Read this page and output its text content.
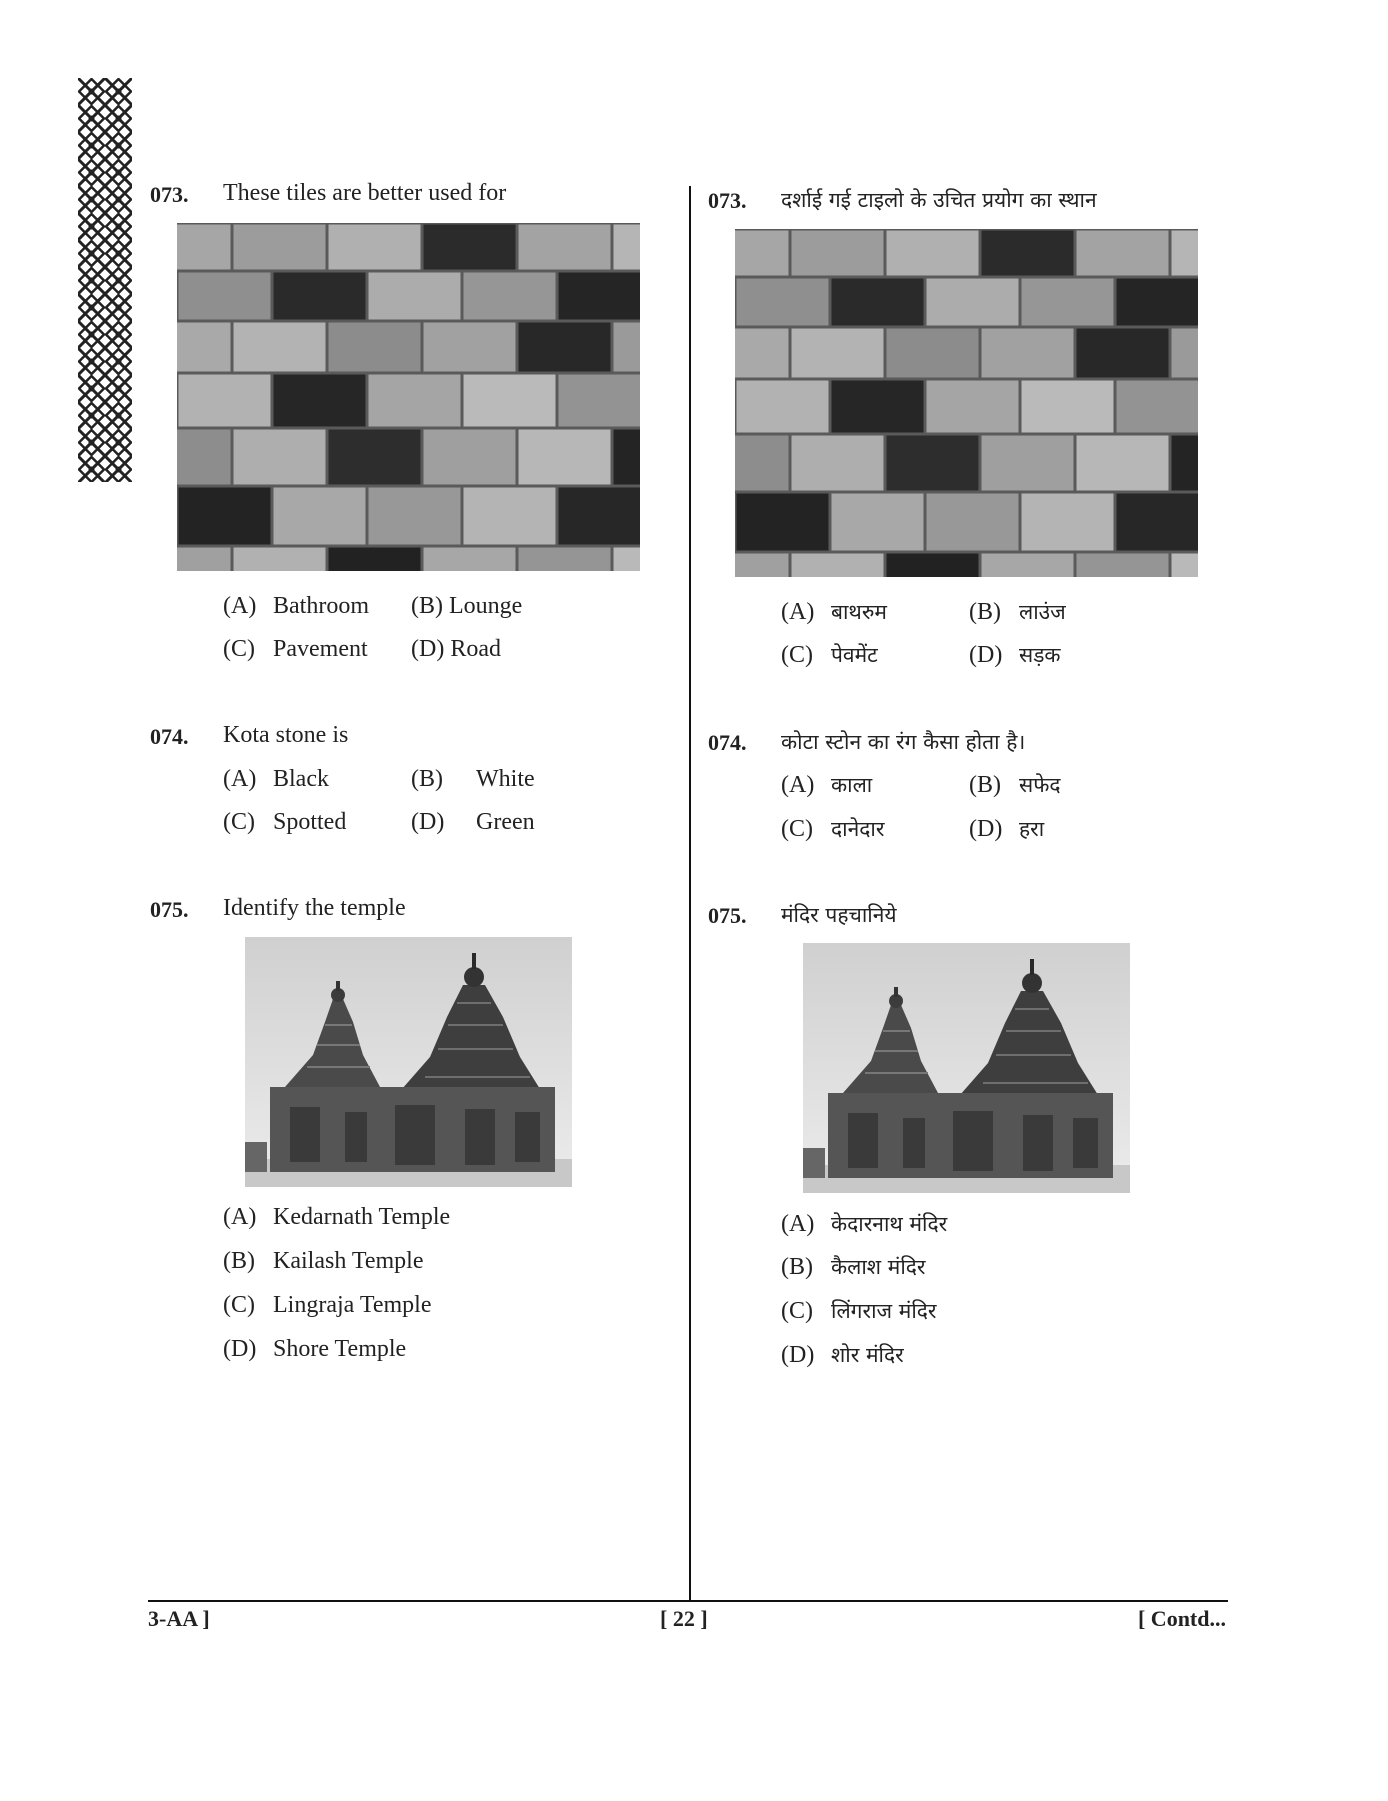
073. These tiles are better used for
(A) Bathroom (B) Lounge
(C) Pavement (D) Road
074. Kota stone is
(A) Black	(B) White
(C) Spotted	(D) Green
075. Identify the temple
(A) Kedarnath Temple
(B) Kailash Temple
(C) Lingraja Temple
(D) Shore Temple
073. दर्शाई गई टाइलो के उचित प्रयोग का स्थान
(A) बाथरुम	(B) लाउंज
(C) पेवमेंट	(D) सड़क
074. कोटा स्टोन का रंग कैसा होता है।
(A) काला	(B) सफेद
(C) दानेदार	(D) हरा
075. मंदिर पहचानिये
(A) केदारनाथ मंदिर
(B) कैलाश मंदिर
(C) लिंगराज मंदिर
(D) शोर मंदिर
3-AA ]	[ 22 ]	[ Contd...
